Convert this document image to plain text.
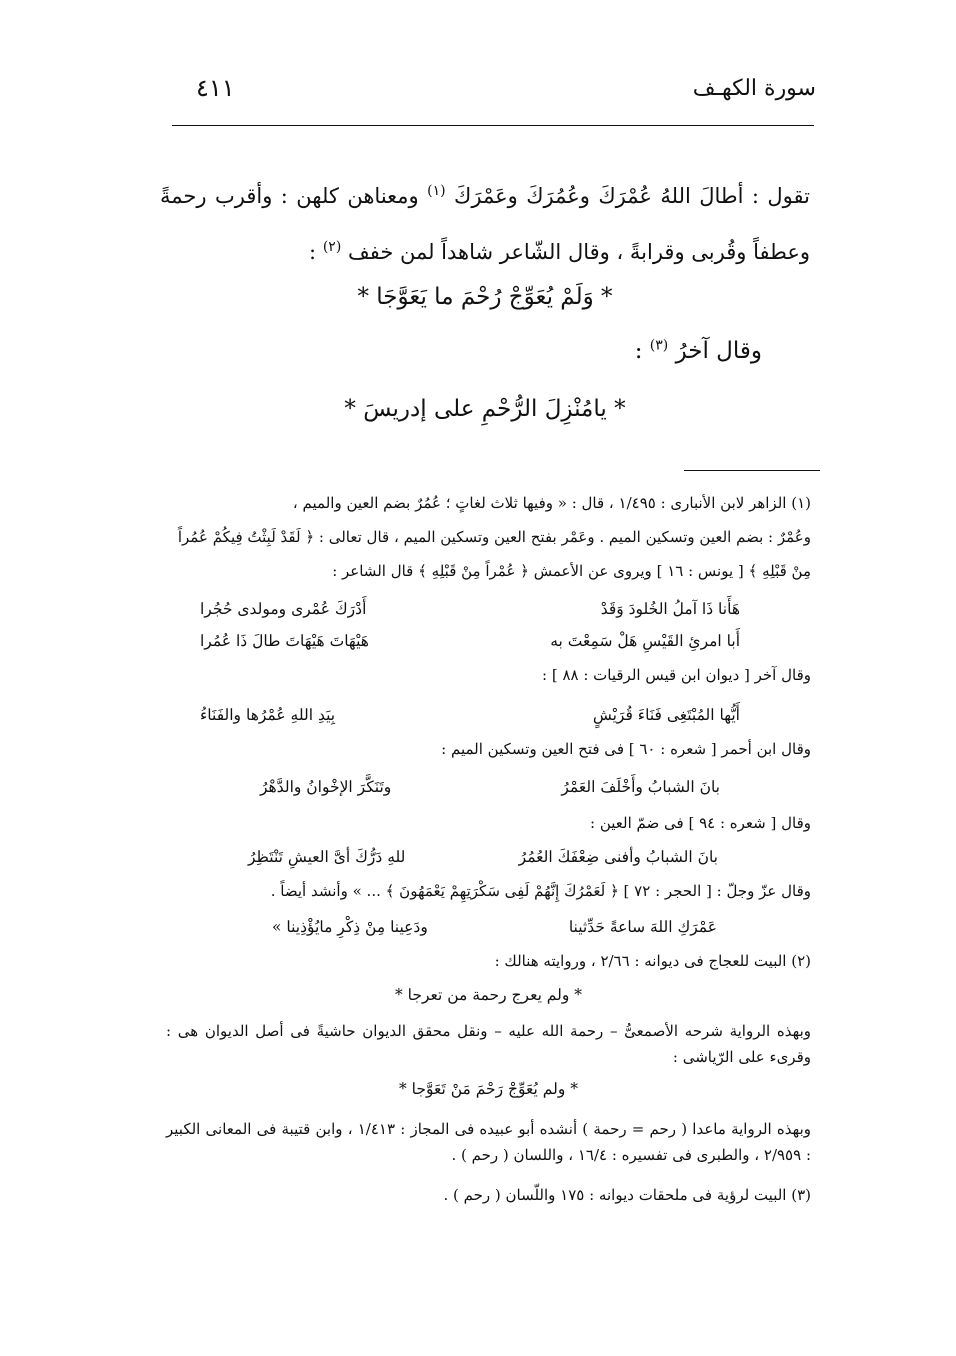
سورة الكهـف
٤١١
تقول : أطالَ اللهُ عُمْرَكَ وعُمُرَكَ وعَمْرَكَ $^{(١)}$ ومعناهن كلهن : وأقرب رحمةً وعطفاً وقُربى وقرابةً ، وقال الشّاعر شاهداً لمن خفف $^{(٢)}$ :
* وَلَمْ يُعَوِّجْ رُحْمَ ما يَعَوَّجَا *
وقال آخرُ $^{(٣)}$ :
* يامُنْزِلَ الرُّحْمِ على إدريسَ *
(١) الزاهر لابن الأنبارى : ١/٤٩٥ ، قال : « وفيها ثلاث لغاتٍ ؛ عُمُرٌ بضم العين والميم ،
وعُمْرٌ : بضم العين وتسكين الميم . وعَمْر بفتح العين وتسكين الميم ، قال تعالى : ﴿ لَقَدْ لَبِثْتُ فِيكُمْ عُمُراً
مِنْ قَبْلِهِ ﴾ [ يونس : ١٦ ] ويروى عن الأعمش ﴿ عُمْراً مِنْ قَبْلِهِ ﴾ قال الشاعر :
هَأَنا ذَا آملُ الخُلودَ وَقَدْ
أَدْرَكَ عُمْرى ومولدى حُجُرا
أَبا امرئِ القَيْسِ هَلْ سَمِعْتَ به
هَيْهَاتَ هَيْهَاتَ طالَ ذَا عُمُرا
وقال آخر [ ديوان ابن قيس الرقيات : ٨٨ ] :
أَيُّها المُبْتَغِى فَنَاءَ قُرَيْشٍ
بِيَدِ اللهِ عُمْرُها والفَنَاءُ
وقال ابن أحمر [ شعره : ٦٠ ] فى فتح العين وتسكين الميم :
بانَ الشبابُ وأَخْلَفَ العَمْرُ
وتَنَكَّرَ الإخْوانُ والدَّهْرُ
وقال [ شعره : ٩٤ ] فى ضمّ العين :
بانَ الشبابُ وأفنى ضِعْفَكَ العُمُرُ
للهِ دَرُّكَ أىَّ العيشِ تَنْتَظِرُ
وقال عزّ وجلّ : [ الحجر : ٧٢ ] ﴿ لَعَمْرُكَ إِنَّهُمْ لَفِى سَكْرَتِهِمْ يَعْمَهُونَ ﴾ ... » وأنشد أيضاً .
عَمْرَكِ اللهَ ساعةً حَدِّثينا
ودَعِينا مِنْ ذِكْرِ مايُؤْذِينا »
(٢) البيت للعجاج فى ديوانه : ٢/٦٦ ، وروايته هنالك :
* ولم يعرج رحمة من تعرجا *
وبهذه الرواية شرحه الأصمعىُّ – رحمة الله عليه – ونقل محقق الديوان حاشيةً فى أصل الديوان هى : وقرىء على الرّياشى :
* ولم يُعَوِّجْ رَحْمَ مَنْ تَعَوَّجا *
وبهذه الرواية ماعدا ( رحم = رحمة ) أنشده أبو عبيده فى المجاز : ١/٤١٣ ، وابن قتيبة فى المعانى الكبير : ٢/٩٥٩ ، والطبرى فى تفسيره : ١٦/٤ ، واللسان ( رحم ) .
(٣) البيت لرؤية فى ملحقات ديوانه : ١٧٥ واللّسان ( رحم ) .
